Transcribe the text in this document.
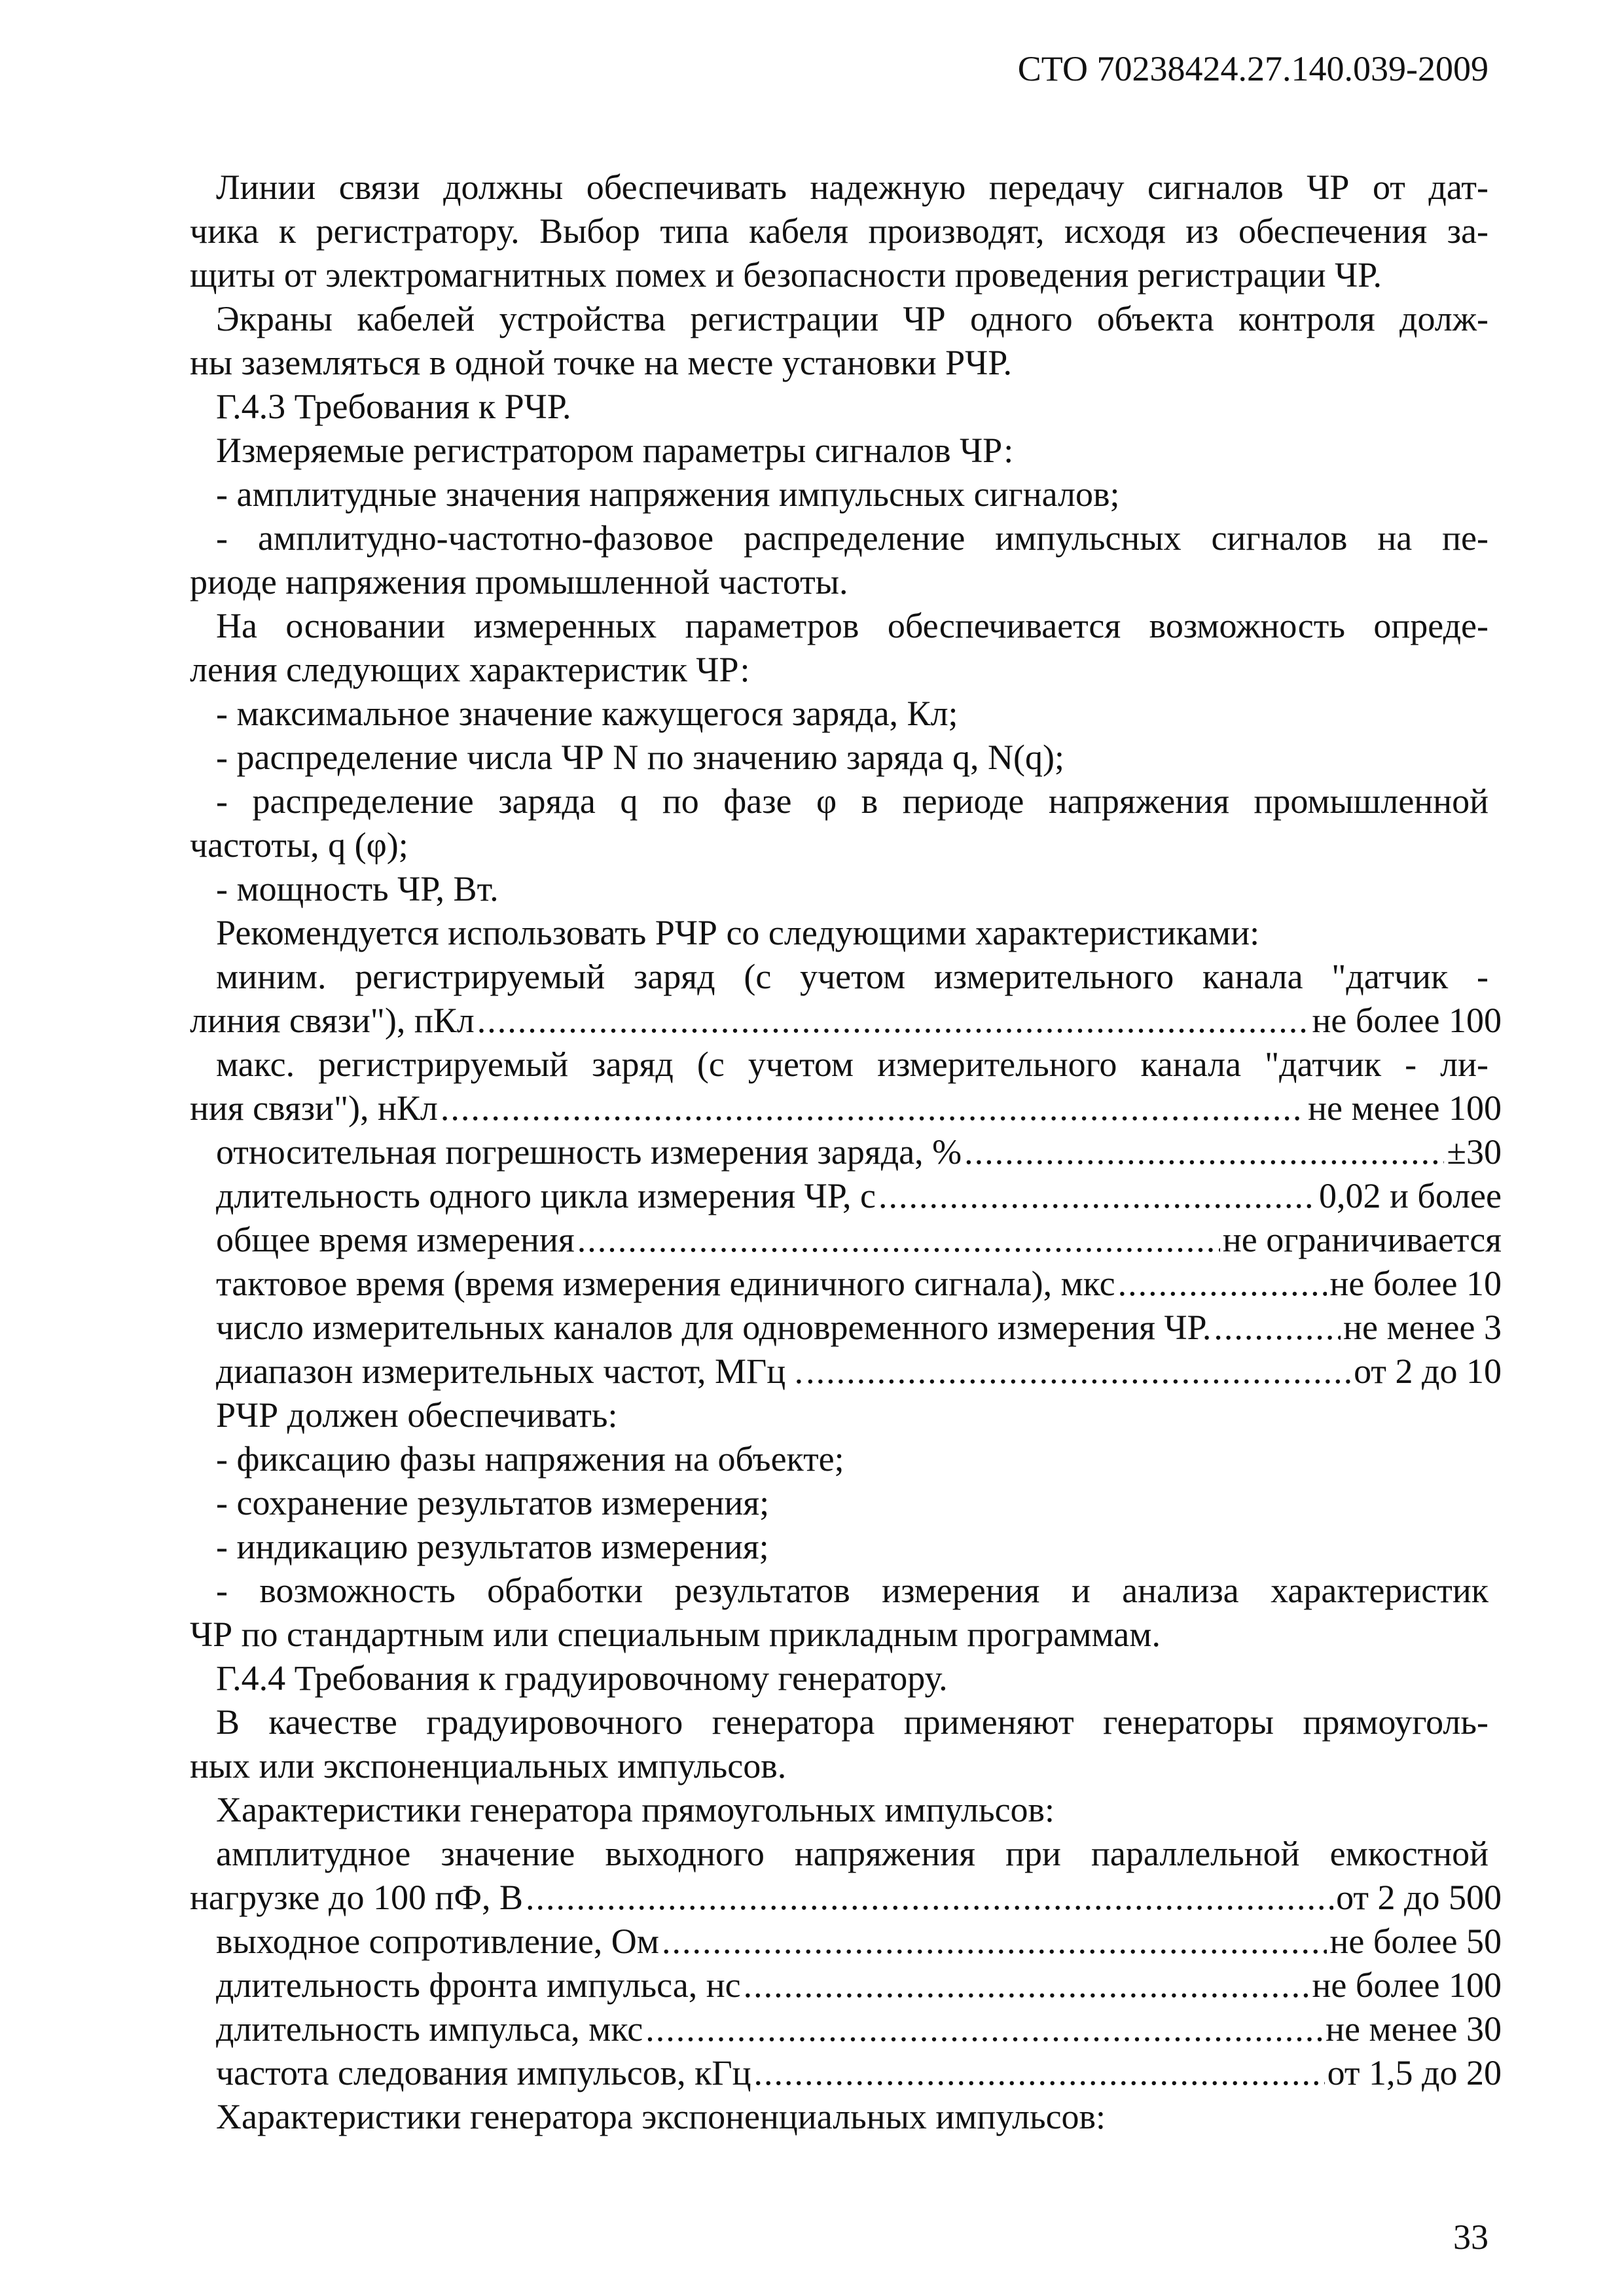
СТО 70238424.27.140.039-2009
Линии связи должны обеспечивать надежную передачу сигналов ЧР от дат-
чика к регистратору. Выбор типа кабеля производят, исходя из обеспечения за-
щиты от электромагнитных помех и безопасности проведения регистрации ЧР.
Экраны кабелей устройства регистрации ЧР одного объекта контроля долж-
ны заземляться в одной точке на месте установки РЧР.
Г.4.3 Требования к РЧР.
Измеряемые регистратором параметры сигналов ЧР:
- амплитудные значения напряжения импульсных сигналов;
- амплитудно-частотно-фазовое распределение импульсных сигналов на пе-
риоде напряжения промышленной частоты.
На основании измеренных параметров обеспечивается возможность опреде-
ления следующих характеристик ЧР:
- максимальное значение кажущегося заряда, Кл;
- распределение числа ЧР N по значению заряда q, N(q);
- распределение заряда q по фазе φ в периоде напряжения промышленной
частоты, q (φ);
- мощность ЧР, Вт.
Рекомендуется использовать РЧР со следующими характеристиками:
миним. регистрируемый заряд (с учетом измерительного канала "датчик -
линия связи"), пКл .....	не более 100
макс. регистрируемый заряд (с учетом измерительного канала "датчик - ли-
ния связи"), нКл .....	не менее 100
относительная погрешность измерения заряда, % .....	±30
длительность одного цикла измерения ЧР, с .....	0,02 и более
общее время измерения .....	не ограничивается
тактовое время (время измерения единичного сигнала), мкс .....	не более 10
число измерительных каналов для одновременного измерения ЧР. .....	не менее 3
диапазон измерительных частот, МГц . .....	от 2 до 10
РЧР должен обеспечивать:
- фиксацию фазы напряжения на объекте;
- сохранение результатов измерения;
- индикацию результатов измерения;
- возможность обработки результатов измерения и анализа характеристик
ЧР по стандартным или специальным прикладным программам.
Г.4.4 Требования к градуировочному генератору.
В качестве градуировочного генератора применяют генераторы прямоуголь-
ных или экспоненциальных импульсов.
Характеристики генератора прямоугольных импульсов:
амплитудное значение выходного напряжения при параллельной емкостной
нагрузке до 100 пФ, В .....	от 2 до 500
выходное сопротивление, Ом .....	не более 50
длительность фронта импульса, нс .....	не более 100
длительность импульса, мкс .....	не менее 30
частота следования импульсов, кГц .....	от 1,5 до 20
Характеристики генератора экспоненциальных импульсов:
33
